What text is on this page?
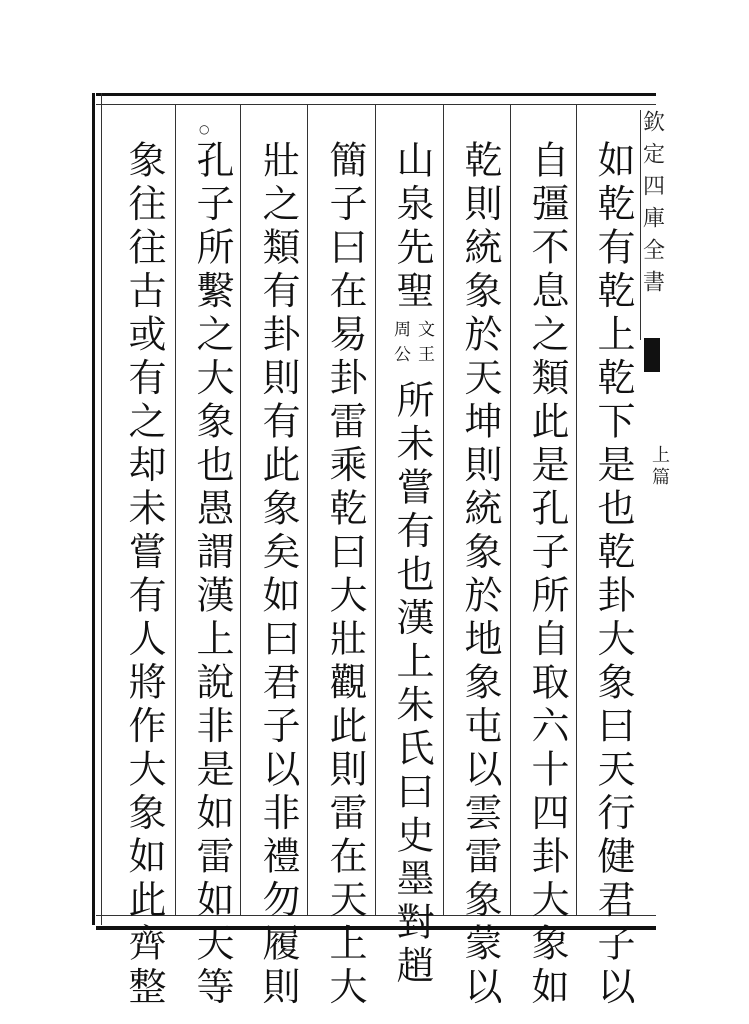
欽定四庫全書
上篇
○
如乾有乾上乾下是也乾卦大象曰天行健君子以
自彊不息之類此是孔子所自取六十四卦大象如
乾則統象於天坤則統象於地象屯以雲雷象蒙以
山泉先聖
文王
周公
所未嘗有也漢上朱氏曰史墨對趙
簡子曰在易卦雷乘乾曰大壯觀此則雷在天上大
壯之類有卦則有此象矣如曰君子以非禮勿履則
孔子所繫之大象也愚謂漢上說非是如雷如天等
象往往古或有之却未嘗有人將作大象如此齊整
